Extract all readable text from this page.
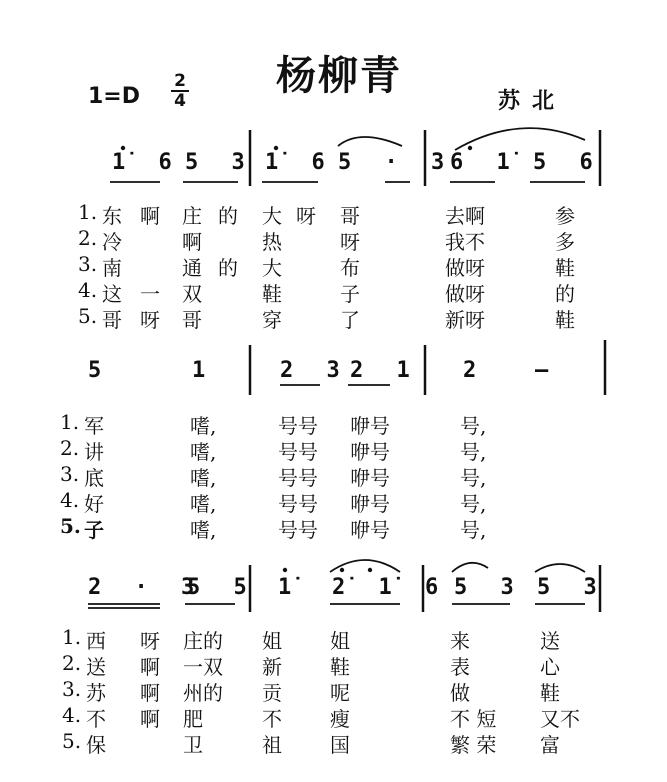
杨柳青
1=D
2
4	苏北
1̇ 6 5 3 1̇ 6 5 · 3
6 1̇ 5 6
1. 东 啊 庄 的 大 呀 哥	去啊	参
2. 冷	啊	热	呀	我不	多
3. 南	通 的 大	布	做呀	鞋
4. 这 一 双	鞋	子	做呀	的
5. 哥 呀 哥	穿	了	新呀	鞋
5	1	2 3 2 1 2 —
1. 军	嗜,	号号 咿号	号,
2. 讲	嗜,	号号 咿号	号,
3. 底	嗜,	号号 咿号	号,
4. 好	嗜,	号号 咿号	号,
5. 子	嗜,	号号 咿号	号,
2 · 3
5 5 1̇ 2̇ 1̇ 6 5 3 5 3
1. 西 呀 庄的 姐 姐	来	送
2. 送 啊 一双 新 鞋	表	心
3. 苏 啊 州的 贡 呢	做	鞋
4. 不 啊 肥	不 瘦	不 短 又不
5. 保	卫	祖 国	繁 荣 富
